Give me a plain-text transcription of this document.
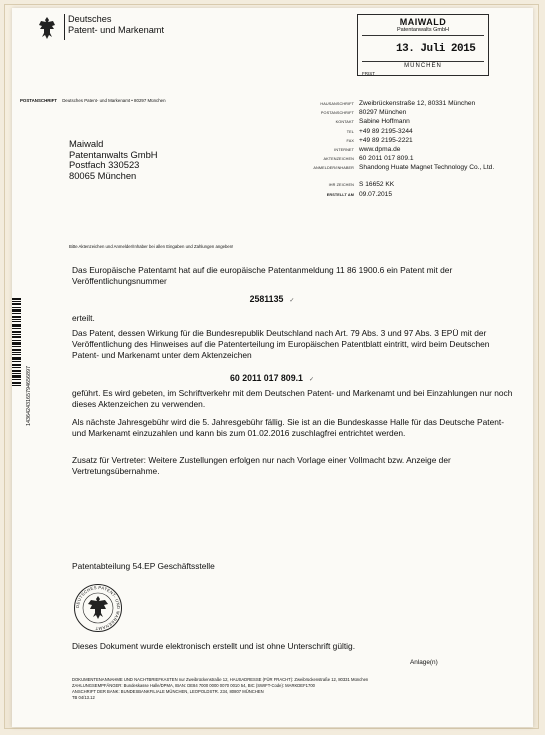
Deutsches
Patent- und Markenamt
MAIWALD
Patentanwalts GmbH
13. Juli 2015
MÜNCHEN
FRIST
POSTANSCHRIFT Deutsches Patent- und Markenamt • 80297 München
HAUSANSCHRIFT Zweibrückenstraße 12, 80331 München
POSTANSCHRIFT 80297 München
KONTAKT Sabine Hoffmann
TEL +49 89 2195-3244
FAX +49 89 2195-2221
INTERNET www.dpma.de
AKTENZEICHEN 60 2011 017 809.1
ANMELDER/INHABER Shandong Huate Magnet Technology Co., Ltd.
IHR ZEICHEN S 16652 KK
ERSTELLT AM 09.07.2015
Maiwald
Patentanwalts GmbH
Postfach 330523
80065 München
Bitte Aktenzeichen und Anmelder/Inhaber bei allen Eingaben und Zahlungen angeben!
14364243165794656897
Das Europäische Patentamt hat auf die europäische Patentanmeldung 11 86 1900.6 ein Patent mit der Veröffentlichungsnummer
2581135 ✓
erteilt.
Das Patent, dessen Wirkung für die Bundesrepublik Deutschland nach Art. 79 Abs. 3 und 97 Abs. 3 EPÜ mit der Veröffentlichung des Hinweises auf die Patenterteilung im Europäischen Patentblatt eintritt, wird beim Deutschen Patent- und Markenamt unter dem Aktenzeichen
60 2011 017 809.1 ✓
geführt. Es wird gebeten, im Schriftverkehr mit dem Deutschen Patent- und Markenamt und bei Einzahlungen nur noch dieses Aktenzeichen zu verwenden.
Als nächste Jahresgebühr wird die 5. Jahresgebühr fällig. Sie ist an die Bundeskasse Halle für das Deutsche Patent- und Markenamt einzuzahlen und kann bis zum 01.02.2016 zuschlagfrei entrichtet werden.
Zusatz für Vertreter: Weitere Zustellungen erfolgen nur nach Vorlage einer Vollmacht bzw. Anzeige der Vertretungsübernahme.
Patentabteilung 54.EP Geschäftsstelle
DEUTSCHES PATENT- UND MARKENAMT
Dieses Dokument wurde elektronisch erstellt und ist ohne Unterschrift gültig.
Anlage(n)
DOKUMENTENANNAHME UND NACHTBRIEFKASTEN nur Zweibrückenstraße 12, HAUSADRESSE (FÜR FRACHT): Zweibrückenstraße 12, 80331 München
ZAHLUNGSEMPFÄNGER: Bundeskasse Halle/DPMA, IBAN: DE84 7000 0000 0070 0010 54, BIC (SWIFT-Code): MARKDEF1700
ANSCHRIFT DER BANK: BUNDESBANKFILIALE MÜNCHEN, LEOPOLDSTR. 234, 80807 MÜNCHEN
TB 04/13.12
